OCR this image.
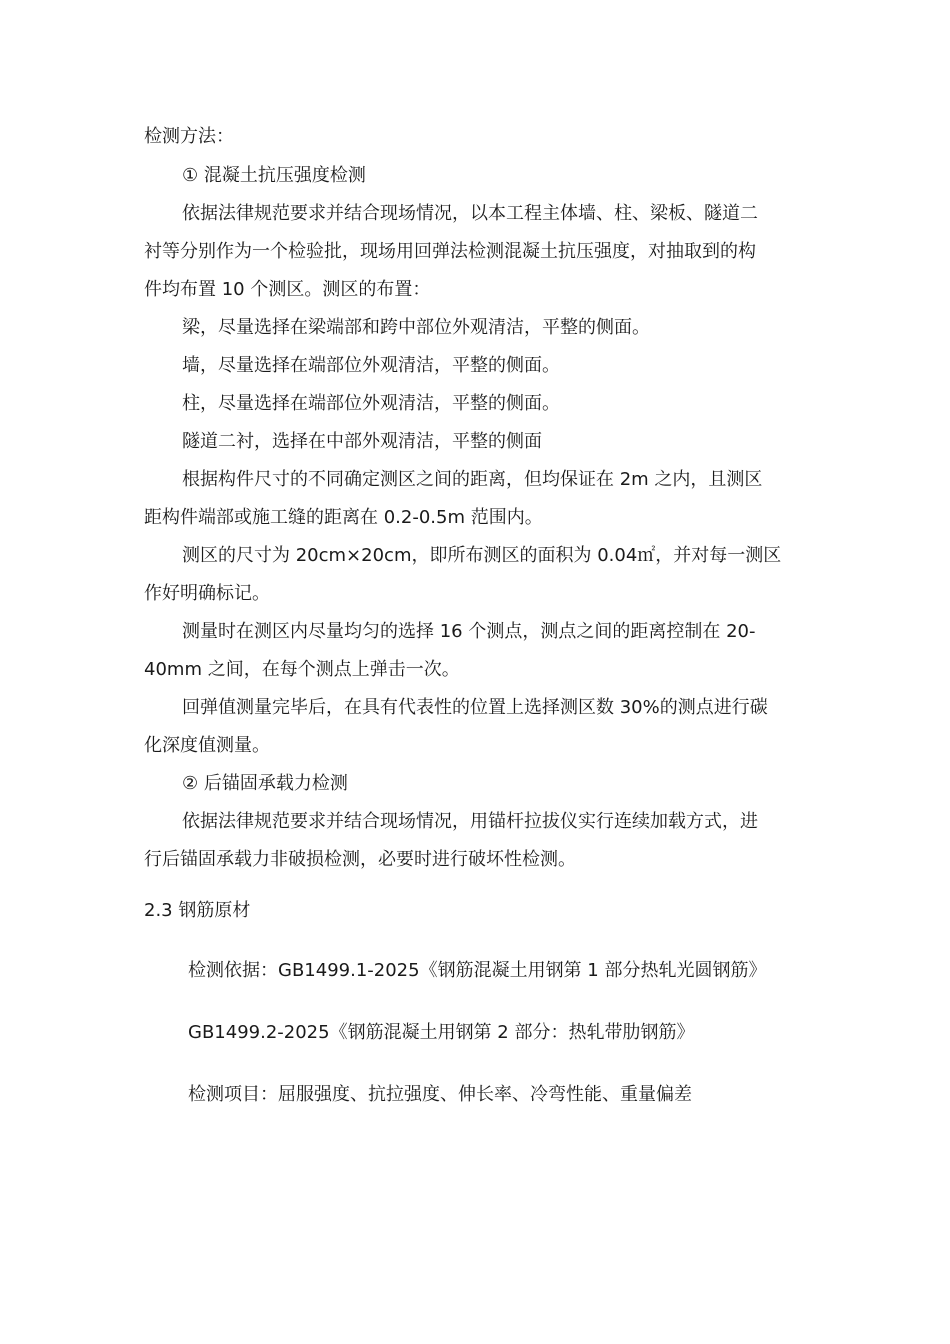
检测方法：
① 混凝土抗压强度检测
依据法律规范要求并结合现场情况，以本工程主体墙、柱、梁板、隧道二
衬等分别作为一个检验批，现场用回弹法检测混凝土抗压强度，对抽取到的构
件均布置 10 个测区。测区的布置：
梁，尽量选择在梁端部和跨中部位外观清洁，平整的侧面。
墙，尽量选择在端部位外观清洁，平整的侧面。
柱，尽量选择在端部位外观清洁，平整的侧面。
隧道二衬，选择在中部外观清洁，平整的侧面
根据构件尺寸的不同确定测区之间的距离，但均保证在 2m 之内，且测区
距构件端部或施工缝的距离在 0.2-0.5m 范围内。
测区的尺寸为 20cm×20cm，即所布测区的面积为 0.04㎡，并对每一测区
作好明确标记。
测量时在测区内尽量均匀的选择 16 个测点，测点之间的距离控制在 20-
40mm 之间，在每个测点上弹击一次。
回弹值测量完毕后，在具有代表性的位置上选择测区数 30%的测点进行碳
化深度值测量。
② 后锚固承载力检测
依据法律规范要求并结合现场情况，用锚杆拉拔仪实行连续加载方式，进
行后锚固承载力非破损检测，必要时进行破坏性检测。
2.3 钢筋原材
检测依据：GB1499.1-2025《钢筋混凝土用钢第 1 部分热轧光圆钢筋》
GB1499.2-2025《钢筋混凝土用钢第 2 部分：热轧带肋钢筋》
检测项目：屈服强度、抗拉强度、伸长率、冷弯性能、重量偏差
